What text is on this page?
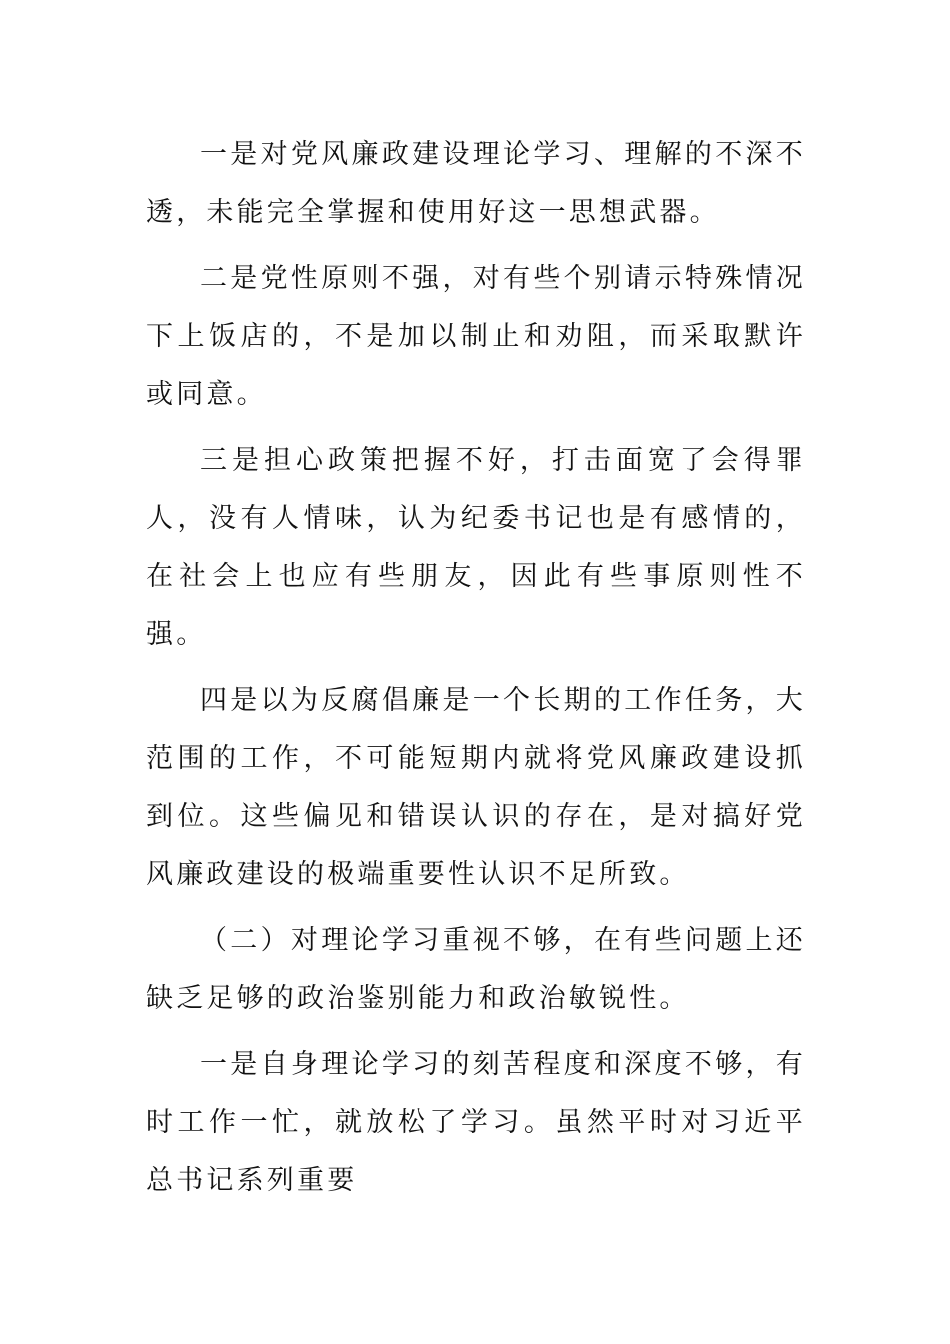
一是对党风廉政建设理论学习、理解的不深不透，未能完全掌握和使用好这一思想武器。

二是党性原则不强，对有些个别请示特殊情况下上饭店的，不是加以制止和劝阻，而采取默许或同意。

三是担心政策把握不好，打击面宽了会得罪人，没有人情味，认为纪委书记也是有感情的，在社会上也应有些朋友，因此有些事原则性不强。

四是以为反腐倡廉是一个长期的工作任务，大范围的工作，不可能短期内就将党风廉政建设抓到位。这些偏见和错误认识的存在，是对搞好党风廉政建设的极端重要性认识不足所致。

（二）对理论学习重视不够，在有些问题上还缺乏足够的政治鉴别能力和政治敏锐性。

一是自身理论学习的刻苦程度和深度不够，有时工作一忙，就放松了学习。虽然平时对习近平总书记系列重要
